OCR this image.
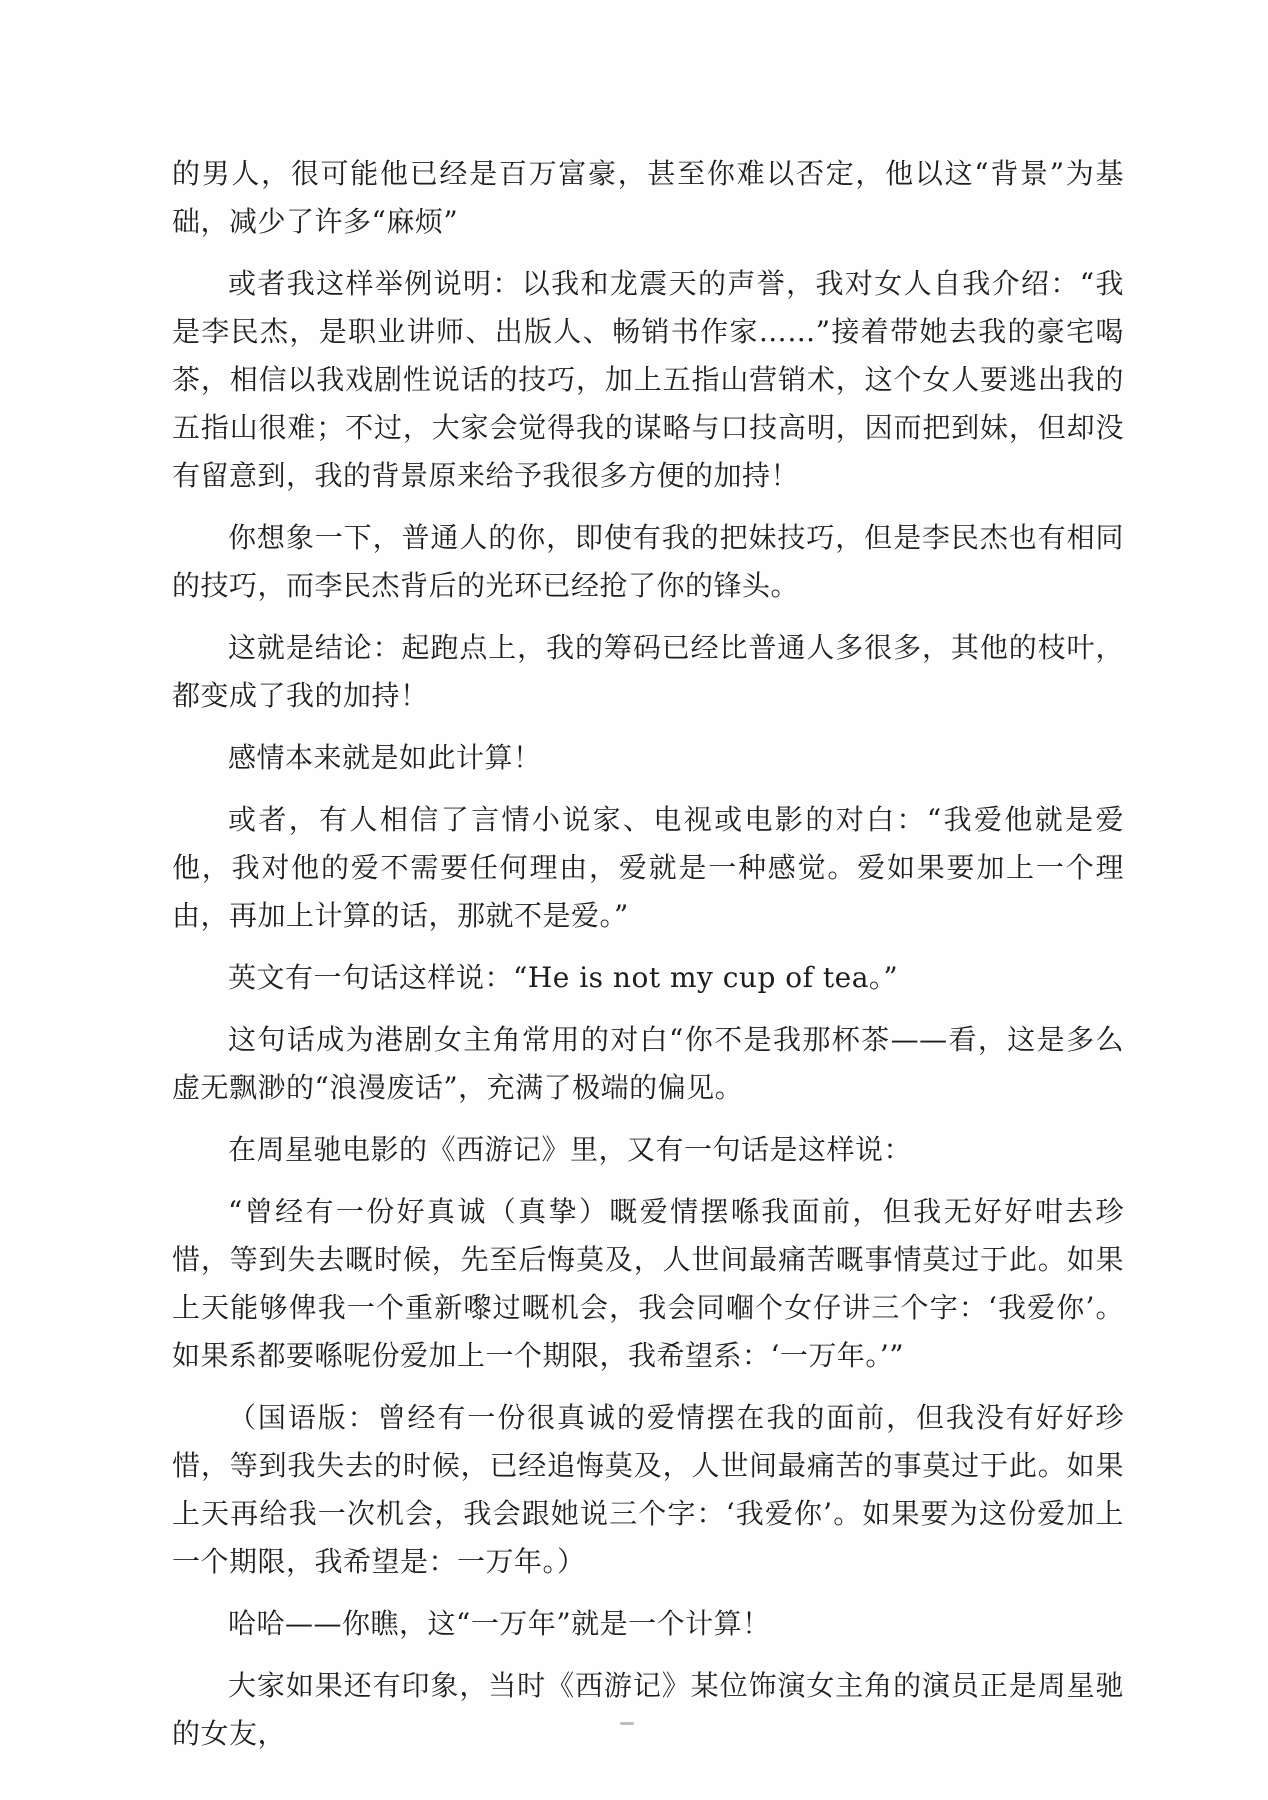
的男人，很可能他已经是百万富豪，甚至你难以否定，他以这“背景”为基础，减少了许多“麻烦”

或者我这样举例说明：以我和龙震天的声誉，我对女人自我介绍：“我是李民杰，是职业讲师、出版人、畅销书作家……”接着带她去我的豪宅喝茶，相信以我戏剧性说话的技巧，加上五指山营销术，这个女人要逃出我的五指山很难；不过，大家会觉得我的谋略与口技高明，因而把到妹，但却没有留意到，我的背景原来给予我很多方便的加持！

你想象一下，普通人的你，即使有我的把妹技巧，但是李民杰也有相同的技巧，而李民杰背后的光环已经抢了你的锋头。

这就是结论：起跑点上，我的筹码已经比普通人多很多，其他的枝叶，都变成了我的加持！

感情本来就是如此计算！

或者，有人相信了言情小说家、电视或电影的对白：“我爱他就是爱他，我对他的爱不需要任何理由，爱就是一种感觉。爱如果要加上一个理由，再加上计算的话，那就不是爱。”

英文有一句话这样说：“He is not my cup of tea。”

这句话成为港剧女主角常用的对白“你不是我那杯茶——看，这是多么虚无飘渺的“浪漫废话”，充满了极端的偏见。

在周星驰电影的《西游记》里，又有一句话是这样说：

“曾经有一份好真诚（真挚）嘅爱情摆喺我面前，但我无好好咁去珍惜，等到失去嘅时候，先至后悔莫及，人世间最痛苦嘅事情莫过于此。如果上天能够俾我一个重新嚟过嘅机会，我会同嗰个女仔讲三个字：‘我爱你’。如果系都要喺呢份爱加上一个期限，我希望系：‘一万年。’”

（国语版：曾经有一份很真诚的爱情摆在我的面前，但我没有好好珍惜，等到我失去的时候，已经追悔莫及，人世间最痛苦的事莫过于此。如果上天再给我一次机会，我会跟她说三个字：‘我爱你’。如果要为这份爱加上一个期限，我希望是：一万年。）

哈哈——你瞧，这“一万年”就是一个计算！

大家如果还有印象，当时《西游记》某位饰演女主角的演员正是周星驰的女友，
